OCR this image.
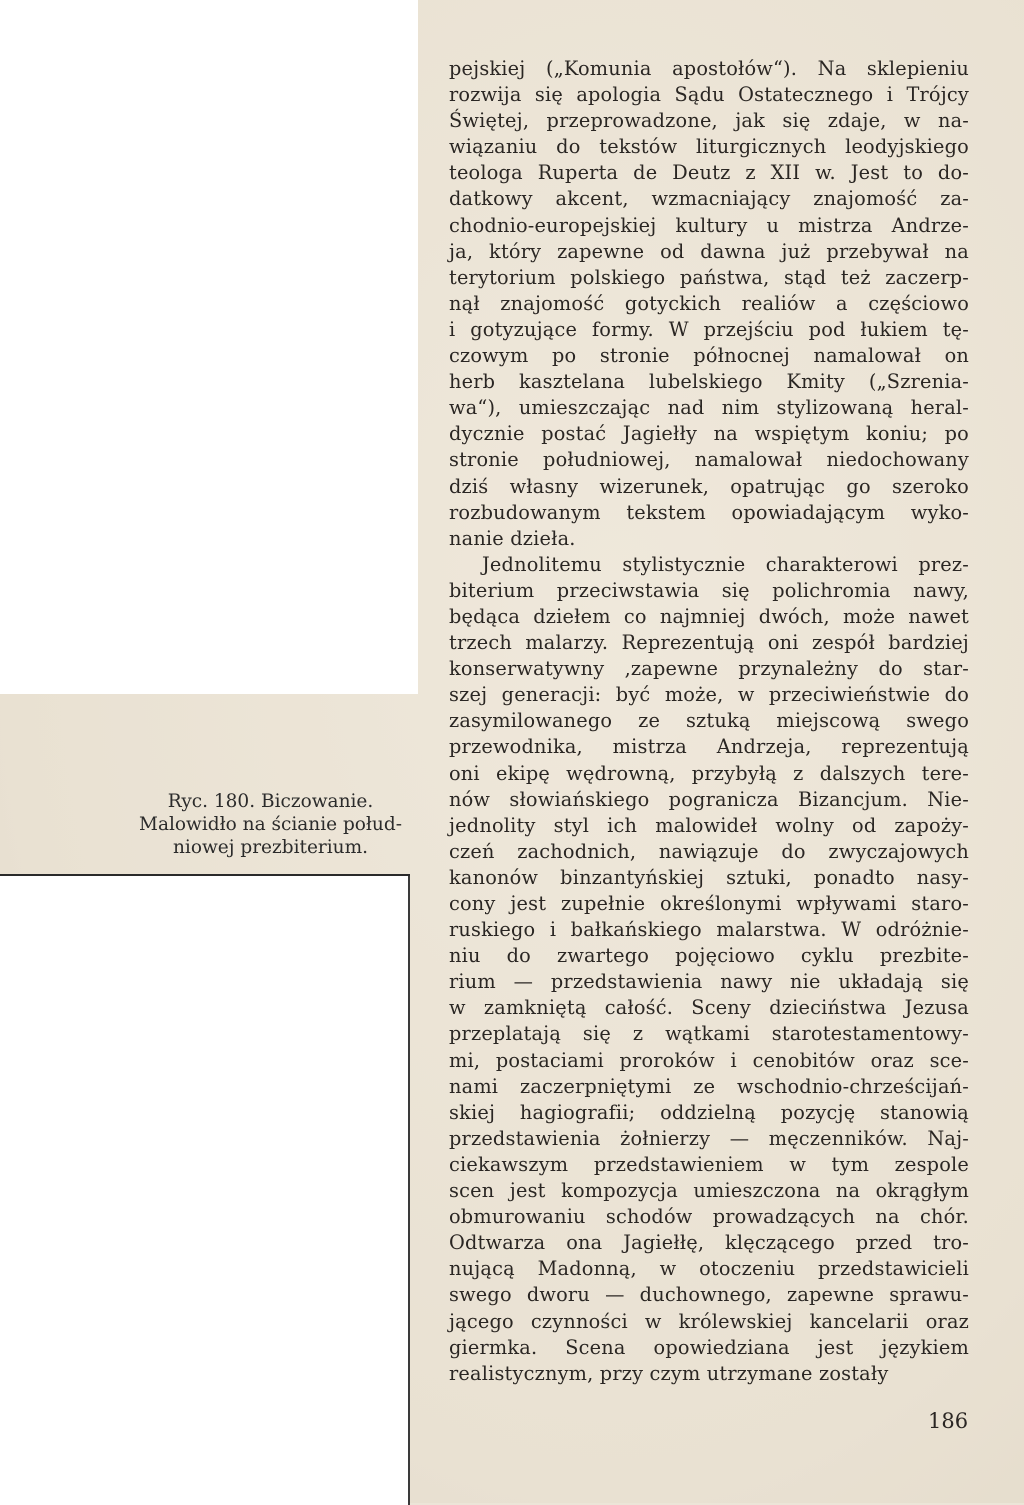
Ryc. 180. Biczowanie.
Malowidło na ścianie połud-
niowej prezbiterium.
pejskiej („Komunia apostołów“). Na sklepieniu
rozwija się apologia Sądu Ostatecznego i Trójcy
Świętej, przeprowadzone, jak się zdaje, w na-
wiązaniu do tekstów liturgicznych leodyjskiego
teologa Ruperta de Deutz z XII w. Jest to do-
datkowy akcent, wzmacniający znajomość za-
chodnio-europejskiej kultury u mistrza Andrze-
ja, który zapewne od dawna już przebywał na
terytorium polskiego państwa, stąd też zaczerp-
nął znajomość gotyckich realiów a częściowo
i gotyzujące formy. W przejściu pod łukiem tę-
czowym po stronie północnej namalował on
herb kasztelana lubelskiego Kmity („Szrenia-
wa“), umieszczając nad nim stylizowaną heral-
dycznie postać Jagiełły na wspiętym koniu; po
stronie południowej, namalował niedochowany
dziś własny wizerunek, opatrując go szeroko
rozbudowanym tekstem opowiadającym wyko-
nanie dzieła.
Jednolitemu stylistycznie charakterowi prez-
biterium przeciwstawia się polichromia nawy,
będąca dziełem co najmniej dwóch, może nawet
trzech malarzy. Reprezentują oni zespół bardziej
konserwatywny ,zapewne przynależny do star-
szej generacji: być może, w przeciwieństwie do
zasymilowanego ze sztuką miejscową swego
przewodnika, mistrza Andrzeja, reprezentują
oni ekipę wędrowną, przybyłą z dalszych tere-
nów słowiańskiego pogranicza Bizancjum. Nie-
jednolity styl ich malowideł wolny od zapoży-
czeń zachodnich, nawiązuje do zwyczajowych
kanonów binzantyńskiej sztuki, ponadto nasy-
cony jest zupełnie określonymi wpływami staro-
ruskiego i bałkańskiego malarstwa. W odróżnie-
niu do zwartego pojęciowo cyklu prezbite-
rium — przedstawienia nawy nie układają się
w zamkniętą całość. Sceny dzieciństwa Jezusa
przeplatają się z wątkami starotestamentowy-
mi, postaciami proroków i cenobitów oraz sce-
nami zaczerpniętymi ze wschodnio-chrześcijań-
skiej hagiografii; oddzielną pozycję stanowią
przedstawienia żołnierzy — męczenników. Naj-
ciekawszym przedstawieniem w tym zespole
scen jest kompozycja umieszczona na okrągłym
obmurowaniu schodów prowadzących na chór.
Odtwarza ona Jagiełłę, klęczącego przed tro-
nującą Madonną, w otoczeniu przedstawicieli
swego dworu — duchownego, zapewne sprawu-
jącego czynności w królewskiej kancelarii oraz
giermka. Scena opowiedziana jest językiem
realistycznym, przy czym utrzymane zostały
186
